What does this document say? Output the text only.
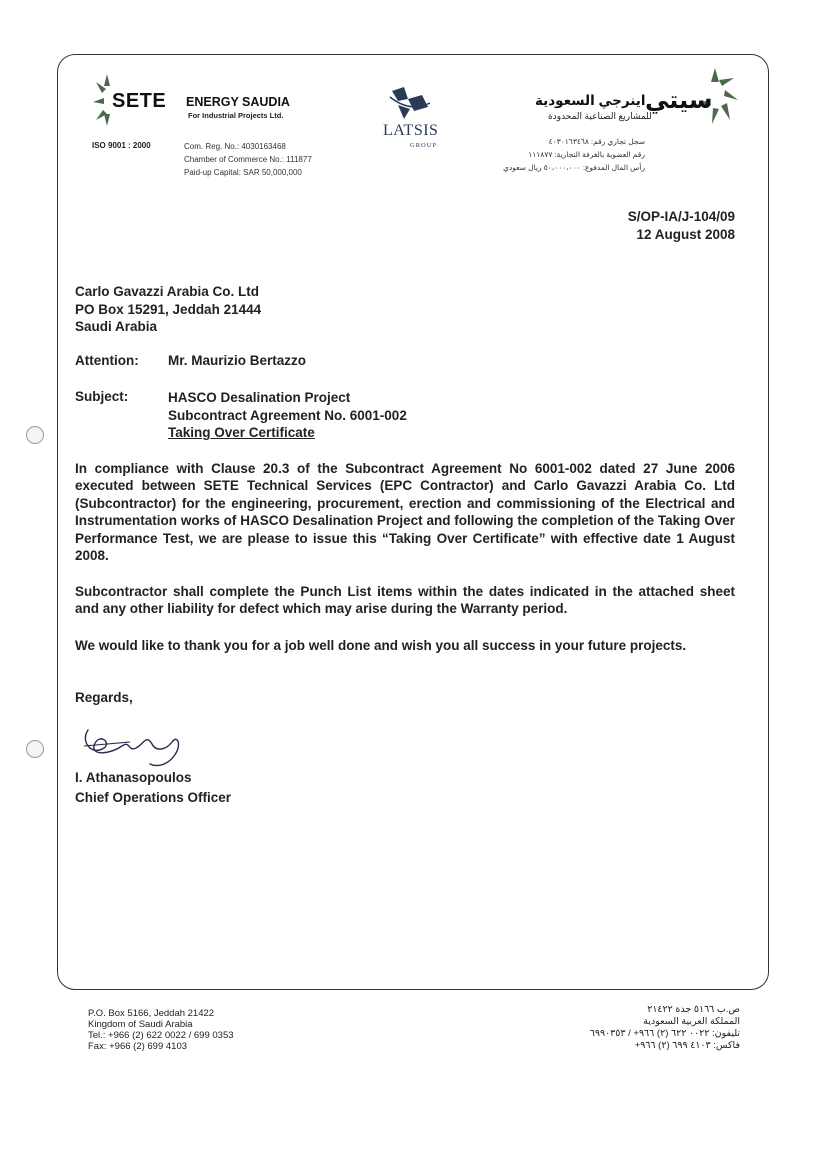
SETE ENERGY SAUDIA
For Industrial Projects Ltd.
ISO 9001 : 2000	Com. Reg. No.: 4030163468
Chamber of Commerce No.: 111877
Paid-up Capital: SAR 50,000,000
LATSIS
GROUP
سيتي
اينرجي السعودية
للمشاريع الصناعية المحدودة
سجل تجاري رقم: ٤٠٣٠١٦٣٤٦٨
رقم العضوية بالغرفة التجارية: ١١١٨٧٧
رأس المال المدفوع: ٥٠،٠٠٠،٠٠٠ ريال سعودي
S/OP-IA/J-104/09
12 August 2008
Carlo Gavazzi Arabia Co. Ltd
PO Box 15291, Jeddah 21444
Saudi Arabia
Attention: Mr. Maurizio Bertazzo
Subject:	HASCO Desalination Project
Subcontract Agreement No. 6001-002
Taking Over Certificate
In compliance with Clause 20.3 of the Subcontract Agreement No 6001-002 dated 27 June 2006 executed between SETE Technical Services (EPC Contractor) and Carlo Gavazzi Arabia Co. Ltd (Subcontractor) for the engineering, procurement, erection and commissioning of the Electrical and Instrumentation works of HASCO Desalination Project and following the completion of the Taking Over Performance Test, we are please to issue this “Taking Over Certificate” with effective date 1 August 2008.
Subcontractor shall complete the Punch List items within the dates indicated in the attached sheet and any other liability for defect which may arise during the Warranty period.
We would like to thank you for a job well done and wish you all success in your future projects.
Regards,
I. Athanasopoulos
Chief Operations Officer
P.O. Box 5166, Jeddah 21422
Kingdom of Saudi Arabia
Tel.: +966 (2) 622 0022 / 699 0353
Fax: +966 (2) 699 4103
ص.ب ٥١٦٦ جدة ٢١٤٢٢
المملكة العربية السعودية
تليفون: ٠٠٢٢ ٦٢٢ (٢) ٩٦٦+ / ٦٩٩٠٣٥٣
فاكس: ٤١٠٣ ٦٩٩ (٢) ٩٦٦+
